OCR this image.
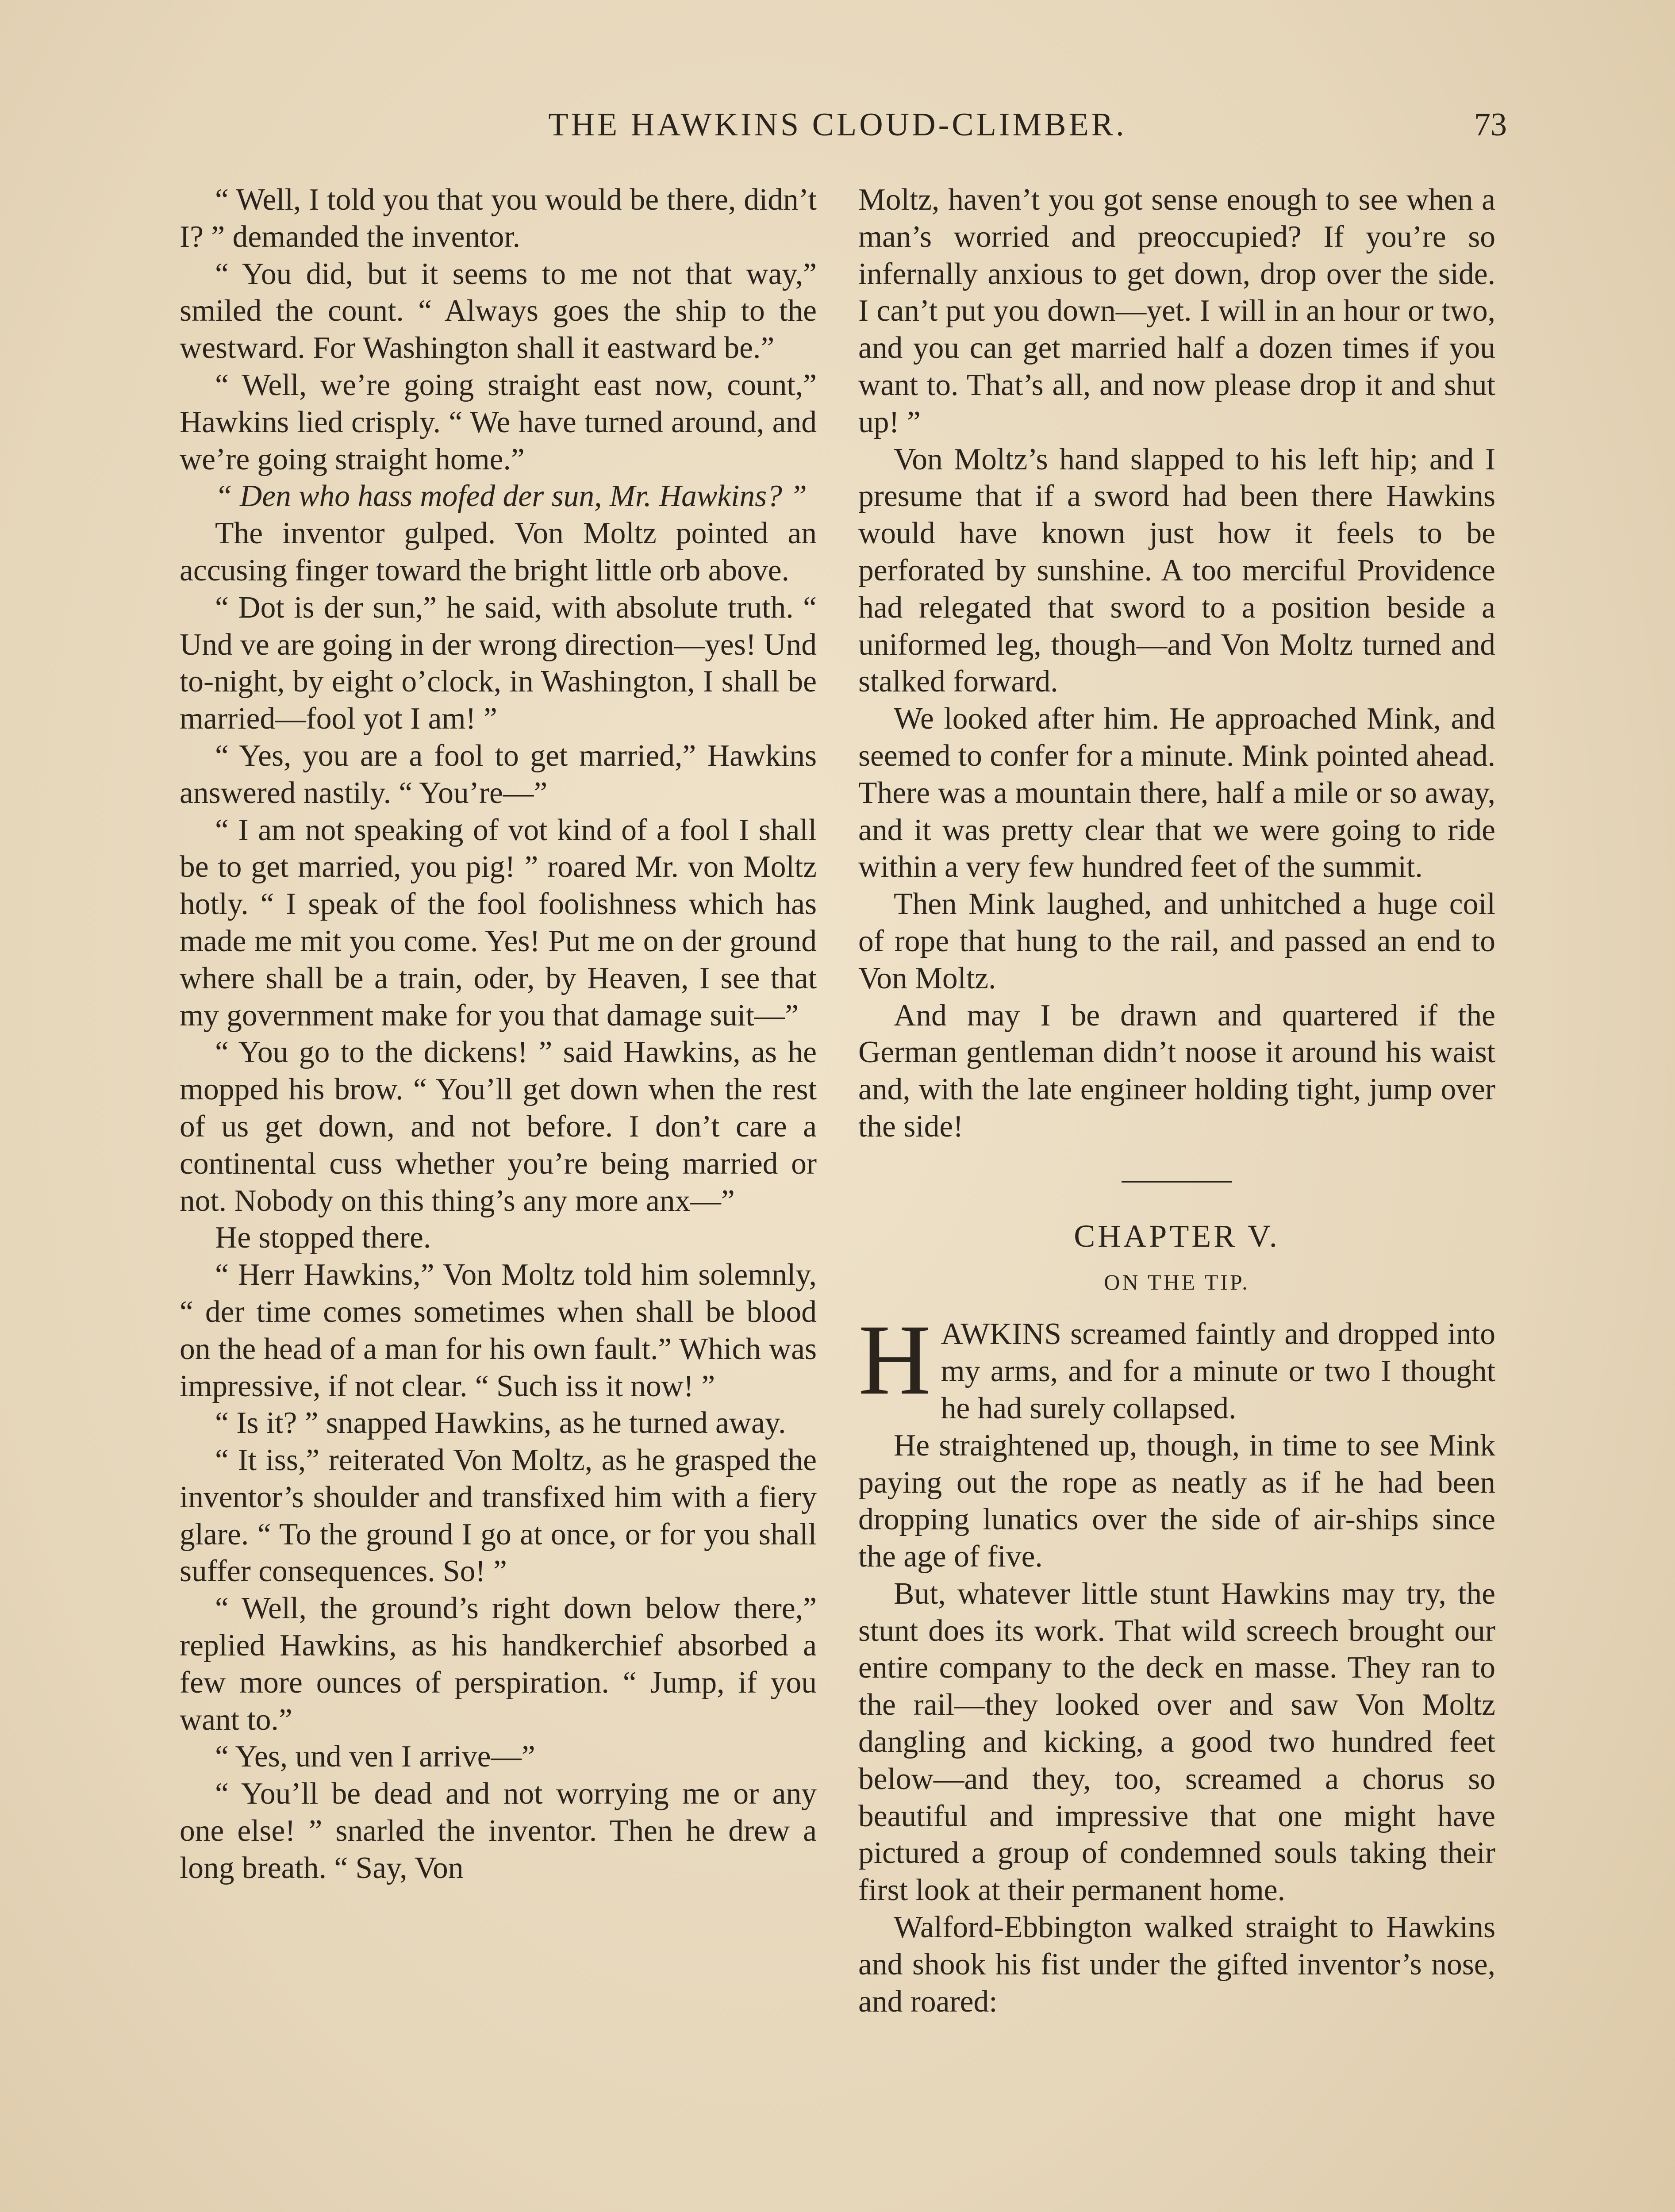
THE HAWKINS CLOUD-CLIMBER.	73

“ Well, I told you that you would be there, didn’t I? ” demanded the inventor.

“ You did, but it seems to me not that way,” smiled the count. “ Always goes the ship to the westward. For Washington shall it eastward be.”

“ Well, we’re going straight east now, count,” Hawkins lied crisply. “ We have turned around, and we’re going straight home.”

“ Den who hass mofed der sun, Mr. Hawkins? ”

The inventor gulped. Von Moltz pointed an accusing finger toward the bright little orb above.

“ Dot is der sun,” he said, with absolute truth. “ Und ve are going in der wrong direction—yes! Und to-night, by eight o’clock, in Washington, I shall be married—fool yot I am! ”

“ Yes, you are a fool to get married,” Hawkins answered nastily. “ You’re—”

“ I am not speaking of vot kind of a fool I shall be to get married, you pig! ” roared Mr. von Moltz hotly. “ I speak of the fool foolishness which has made me mit you come. Yes! Put me on der ground where shall be a train, oder, by Heaven, I see that my government make for you that damage suit—”

“ You go to the dickens! ” said Hawkins, as he mopped his brow. “ You’ll get down when the rest of us get down, and not before. I don’t care a continental cuss whether you’re being married or not. Nobody on this thing’s any more anx—”

He stopped there.

“ Herr Hawkins,” Von Moltz told him solemnly, “ der time comes sometimes when shall be blood on the head of a man for his own fault.” Which was impressive, if not clear. “ Such iss it now! ”

“ Is it? ” snapped Hawkins, as he turned away.

“ It iss,” reiterated Von Moltz, as he grasped the inventor’s shoulder and transfixed him with a fiery glare. “ To the ground I go at once, or for you shall suffer consequences. So! ”

“ Well, the ground’s right down below there,” replied Hawkins, as his handkerchief absorbed a few more ounces of perspiration. “ Jump, if you want to.”

“ Yes, und ven I arrive—”

“ You’ll be dead and not worrying me or any one else! ” snarled the inventor. Then he drew a long breath. “ Say, Von

Moltz, haven’t you got sense enough to see when a man’s worried and preoccupied? If you’re so infernally anxious to get down, drop over the side. I can’t put you down—yet. I will in an hour or two, and you can get married half a dozen times if you want to. That’s all, and now please drop it and shut up! ”

Von Moltz’s hand slapped to his left hip; and I presume that if a sword had been there Hawkins would have known just how it feels to be perforated by sunshine. A too merciful Providence had relegated that sword to a position beside a uniformed leg, though—and Von Moltz turned and stalked forward.

We looked after him. He approached Mink, and seemed to confer for a minute. Mink pointed ahead. There was a mountain there, half a mile or so away, and it was pretty clear that we were going to ride within a very few hundred feet of the summit.

Then Mink laughed, and unhitched a huge coil of rope that hung to the rail, and passed an end to Von Moltz.

And may I be drawn and quartered if the German gentleman didn’t noose it around his waist and, with the late engineer holding tight, jump over the side!

CHAPTER V.
ON THE TIP.

HAWKINS screamed faintly and dropped into my arms, and for a minute or two I thought he had surely collapsed.

He straightened up, though, in time to see Mink paying out the rope as neatly as if he had been dropping lunatics over the side of air-ships since the age of five.

But, whatever little stunt Hawkins may try, the stunt does its work. That wild screech brought our entire company to the deck en masse. They ran to the rail—they looked over and saw Von Moltz dangling and kicking, a good two hundred feet below—and they, too, screamed a chorus so beautiful and impressive that one might have pictured a group of condemned souls taking their first look at their permanent home.

Walford-Ebbington walked straight to Hawkins and shook his fist under the gifted inventor’s nose, and roared:
